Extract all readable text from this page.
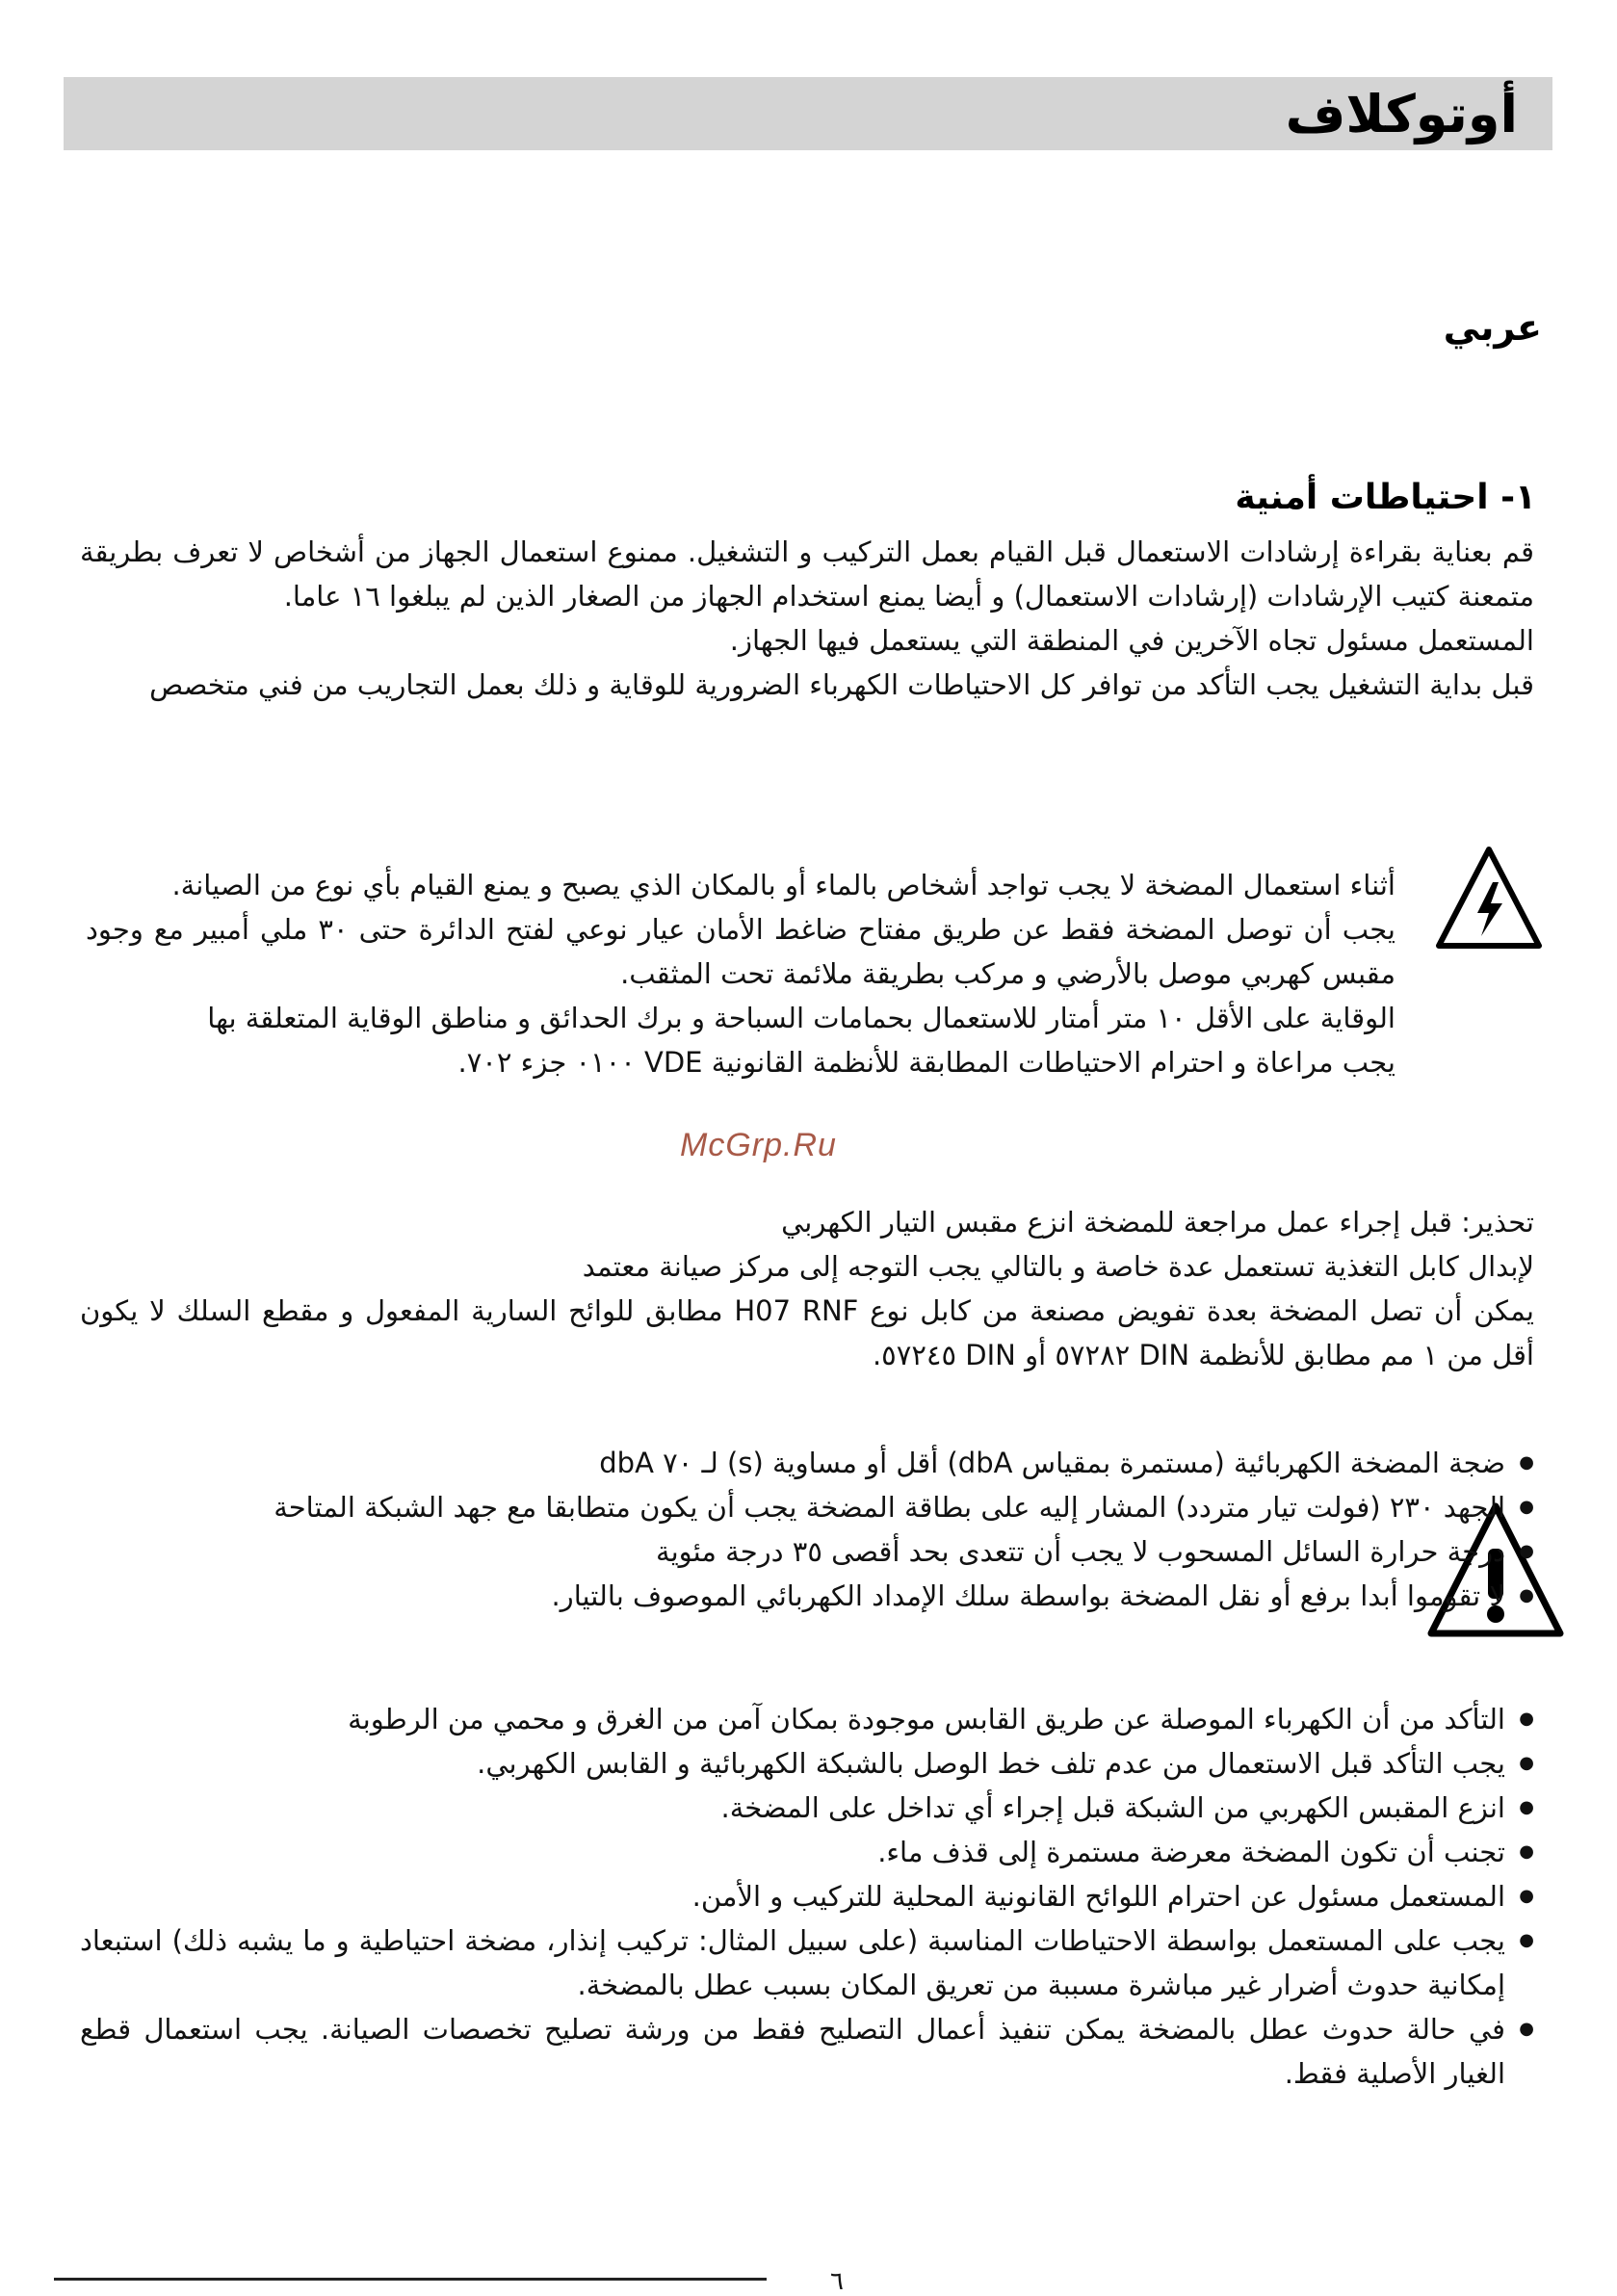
أوتوكلاف
عربي
١- احتياطات أمنية

قم بعناية بقراءة إرشادات الاستعمال قبل القيام بعمل التركيب و التشغيل. ممنوع استعمال الجهاز من أشخاص لا تعرف بطريقة متمعنة كتيب الإرشادات (إرشادات الاستعمال) و أيضا يمنع استخدام الجهاز من الصغار الذين لم يبلغوا ١٦ عاما.

المستعمل مسئول تجاه الآخرين في المنطقة التي يستعمل فيها الجهاز.

قبل بداية التشغيل يجب التأكد من توافر كل الاحتياطات الكهرباء الضرورية للوقاية و ذلك بعمل التجاريب من فني متخصص

أثناء استعمال المضخة لا يجب تواجد أشخاص بالماء أو بالمكان الذي يصبح و يمنع القيام بأي نوع من الصيانة.

يجب أن توصل المضخة فقط عن طريق مفتاح ضاغط الأمان عيار نوعي لفتح الدائرة حتى ٣٠ ملي أمبير مع وجود مقبس كهربي موصل بالأرضي و مركب بطريقة ملائمة تحت المثقب.

الوقاية على الأقل ١٠ متر أمتار للاستعمال بحمامات السباحة و برك الحدائق و مناطق الوقاية المتعلقة بها

يجب مراعاة و احترام الاحتياطات المطابقة للأنظمة القانونية VDE ٠١٠٠ جزء ٧٠٢.

McGrp.Ru

تحذير: قبل إجراء عمل مراجعة للمضخة انزع مقبس التيار الكهربي

لإبدال كابل التغذية تستعمل عدة خاصة و بالتالي يجب التوجه إلى مركز صيانة معتمد

يمكن أن تصل المضخة بعدة تفويض مصنعة من كابل نوع H07 RNF مطابق للوائح السارية المفعول و مقطع السلك لا يكون أقل من ١ مم مطابق للأنظمة DIN ٥٧٢٨٢ أو DIN ٥٧٢٤٥.

● ضجة المضخة الكهربائية (مستمرة بمقياس dbA) أقل أو مساوية (s) لـ ٧٠ dbA
● الجهد ٢٣٠ (فولت تيار متردد) المشار إليه على بطاقة المضخة يجب أن يكون متطابقا مع جهد الشبكة المتاحة
● درجة حرارة السائل المسحوب لا يجب أن تتعدى بحد أقصى ٣٥ درجة مئوية
● لا تقوموا أبدا برفع أو نقل المضخة بواسطة سلك الإمداد الكهربائي الموصوف بالتيار.
● التأكد من أن الكهرباء الموصلة عن طريق القابس موجودة بمكان آمن من الغرق و محمي من الرطوبة
● يجب التأكد قبل الاستعمال من عدم تلف خط الوصل بالشبكة الكهربائية و القابس الكهربي.
● انزع المقبس الكهربي من الشبكة قبل إجراء أي تداخل على المضخة.
● تجنب أن تكون المضخة معرضة مستمرة إلى قذف ماء.
● المستعمل مسئول عن احترام اللوائح القانونية المحلية للتركيب و الأمن.
● يجب على المستعمل بواسطة الاحتياطات المناسبة (على سبيل المثال: تركيب إنذار، مضخة احتياطية و ما يشبه ذلك) استبعاد إمكانية حدوث أضرار غير مباشرة مسببة من تعريق المكان بسبب عطل بالمضخة.
● في حالة حدوث عطل بالمضخة يمكن تنفيذ أعمال التصليح فقط من ورشة تصليح تخصصات الصيانة. يجب استعمال قطع الغيار الأصلية فقط.
٦
